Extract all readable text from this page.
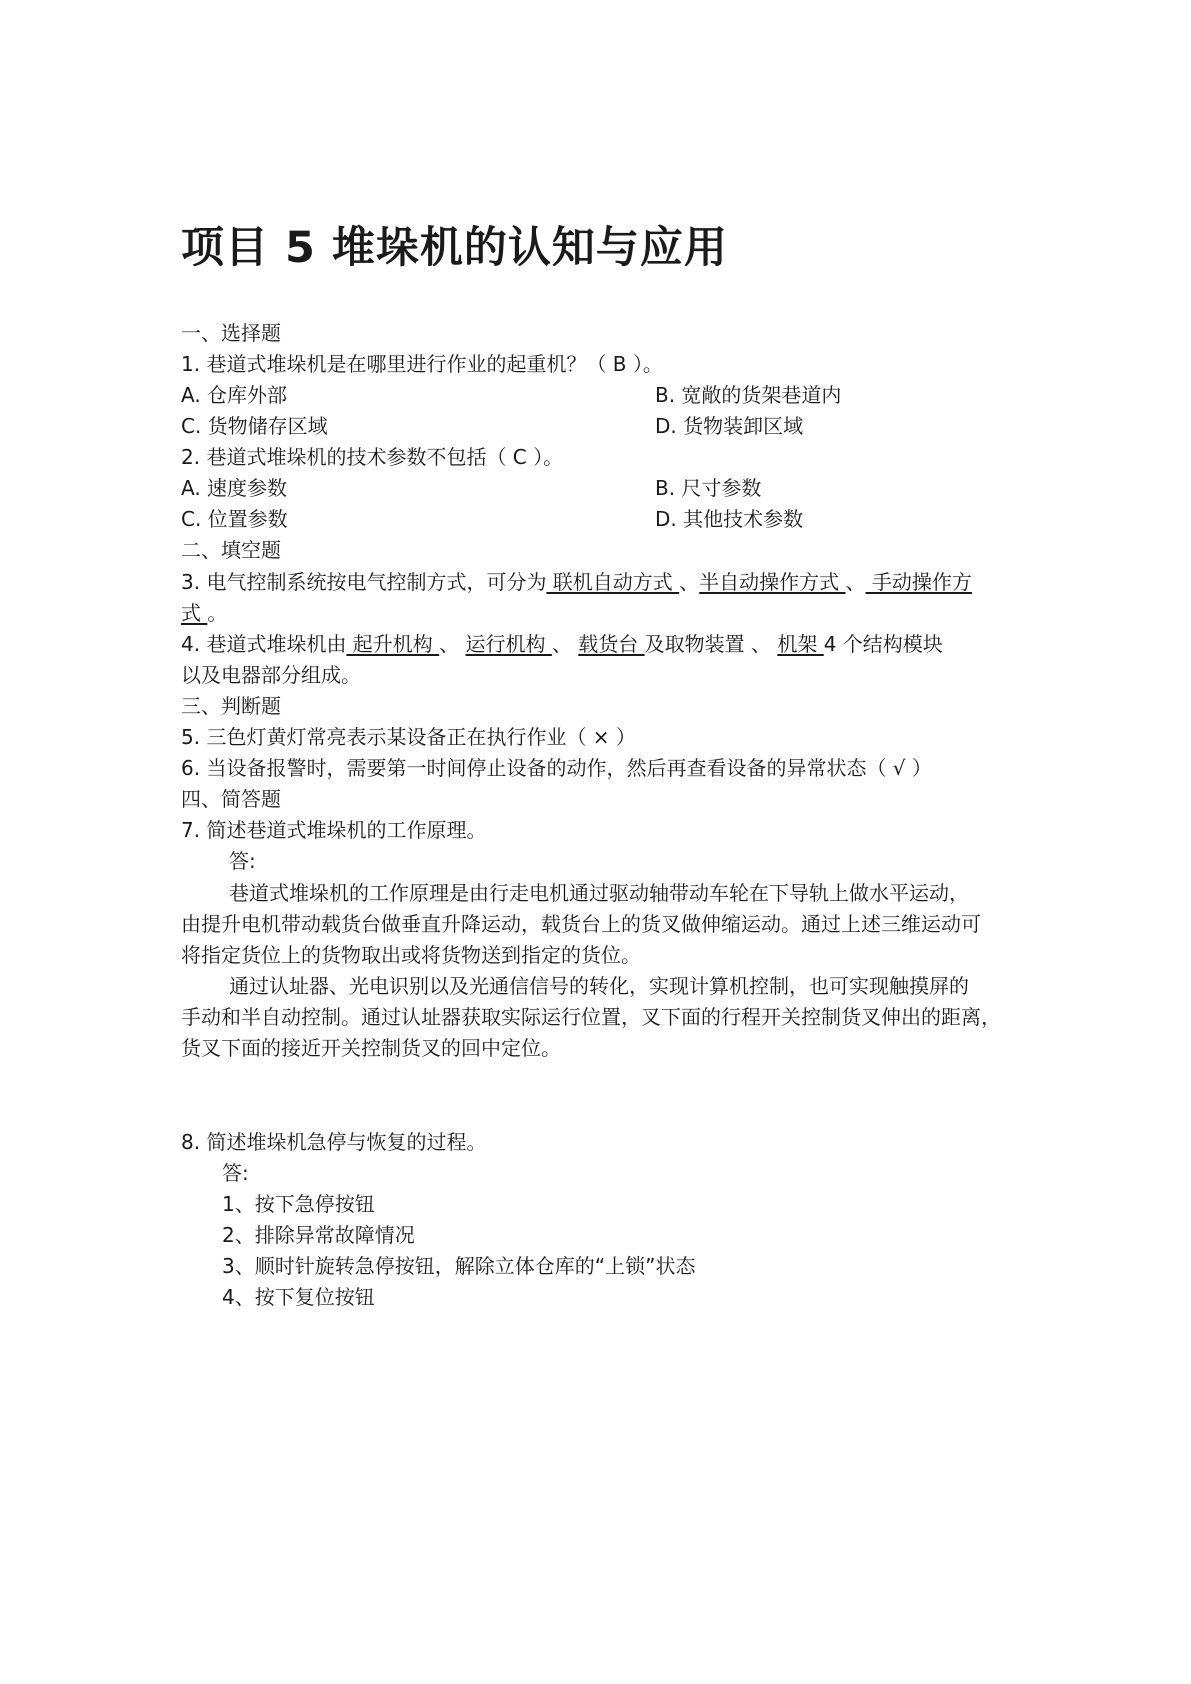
项目 5 堆垛机的认知与应用
一、选择题
1. 巷道式堆垛机是在哪里进行作业的起重机？（ B ）。
A. 仓库外部	B. 宽敞的货架巷道内
C. 货物储存区域	D. 货物装卸区域
2. 巷道式堆垛机的技术参数不包括（ C ）。
A. 速度参数	B. 尺寸参数
C. 位置参数	D. 其他技术参数
二、填空题
3. 电气控制系统按电气控制方式，可分为 联机自动方式 、半自动操作方式 、 手动操作方
式 。
4. 巷道式堆垛机由 起升机构 、 运行机构 、 载货台 及取物装置 、 机架 4 个结构模块
以及电器部分组成。
三、判断题
5. 三色灯黄灯常亮表示某设备正在执行作业（ × ）
6. 当设备报警时，需要第一时间停止设备的动作，然后再查看设备的异常状态（ √ ）
四、简答题
7. 简述巷道式堆垛机的工作原理。
答:
巷道式堆垛机的工作原理是由行走电机通过驱动轴带动车轮在下导轨上做水平运动，
由提升电机带动载货台做垂直升降运动，载货台上的货叉做伸缩运动。通过上述三维运动可
将指定货位上的货物取出或将货物送到指定的货位。
通过认址器、光电识别以及光通信信号的转化，实现计算机控制，也可实现触摸屏的
手动和半自动控制。通过认址器获取实际运行位置，叉下面的行程开关控制货叉伸出的距离，
货叉下面的接近开关控制货叉的回中定位。
8. 简述堆垛机急停与恢复的过程。
答:
1、按下急停按钮
2、排除异常故障情况
3、顺时针旋转急停按钮，解除立体仓库的“上锁”状态
4、按下复位按钮
